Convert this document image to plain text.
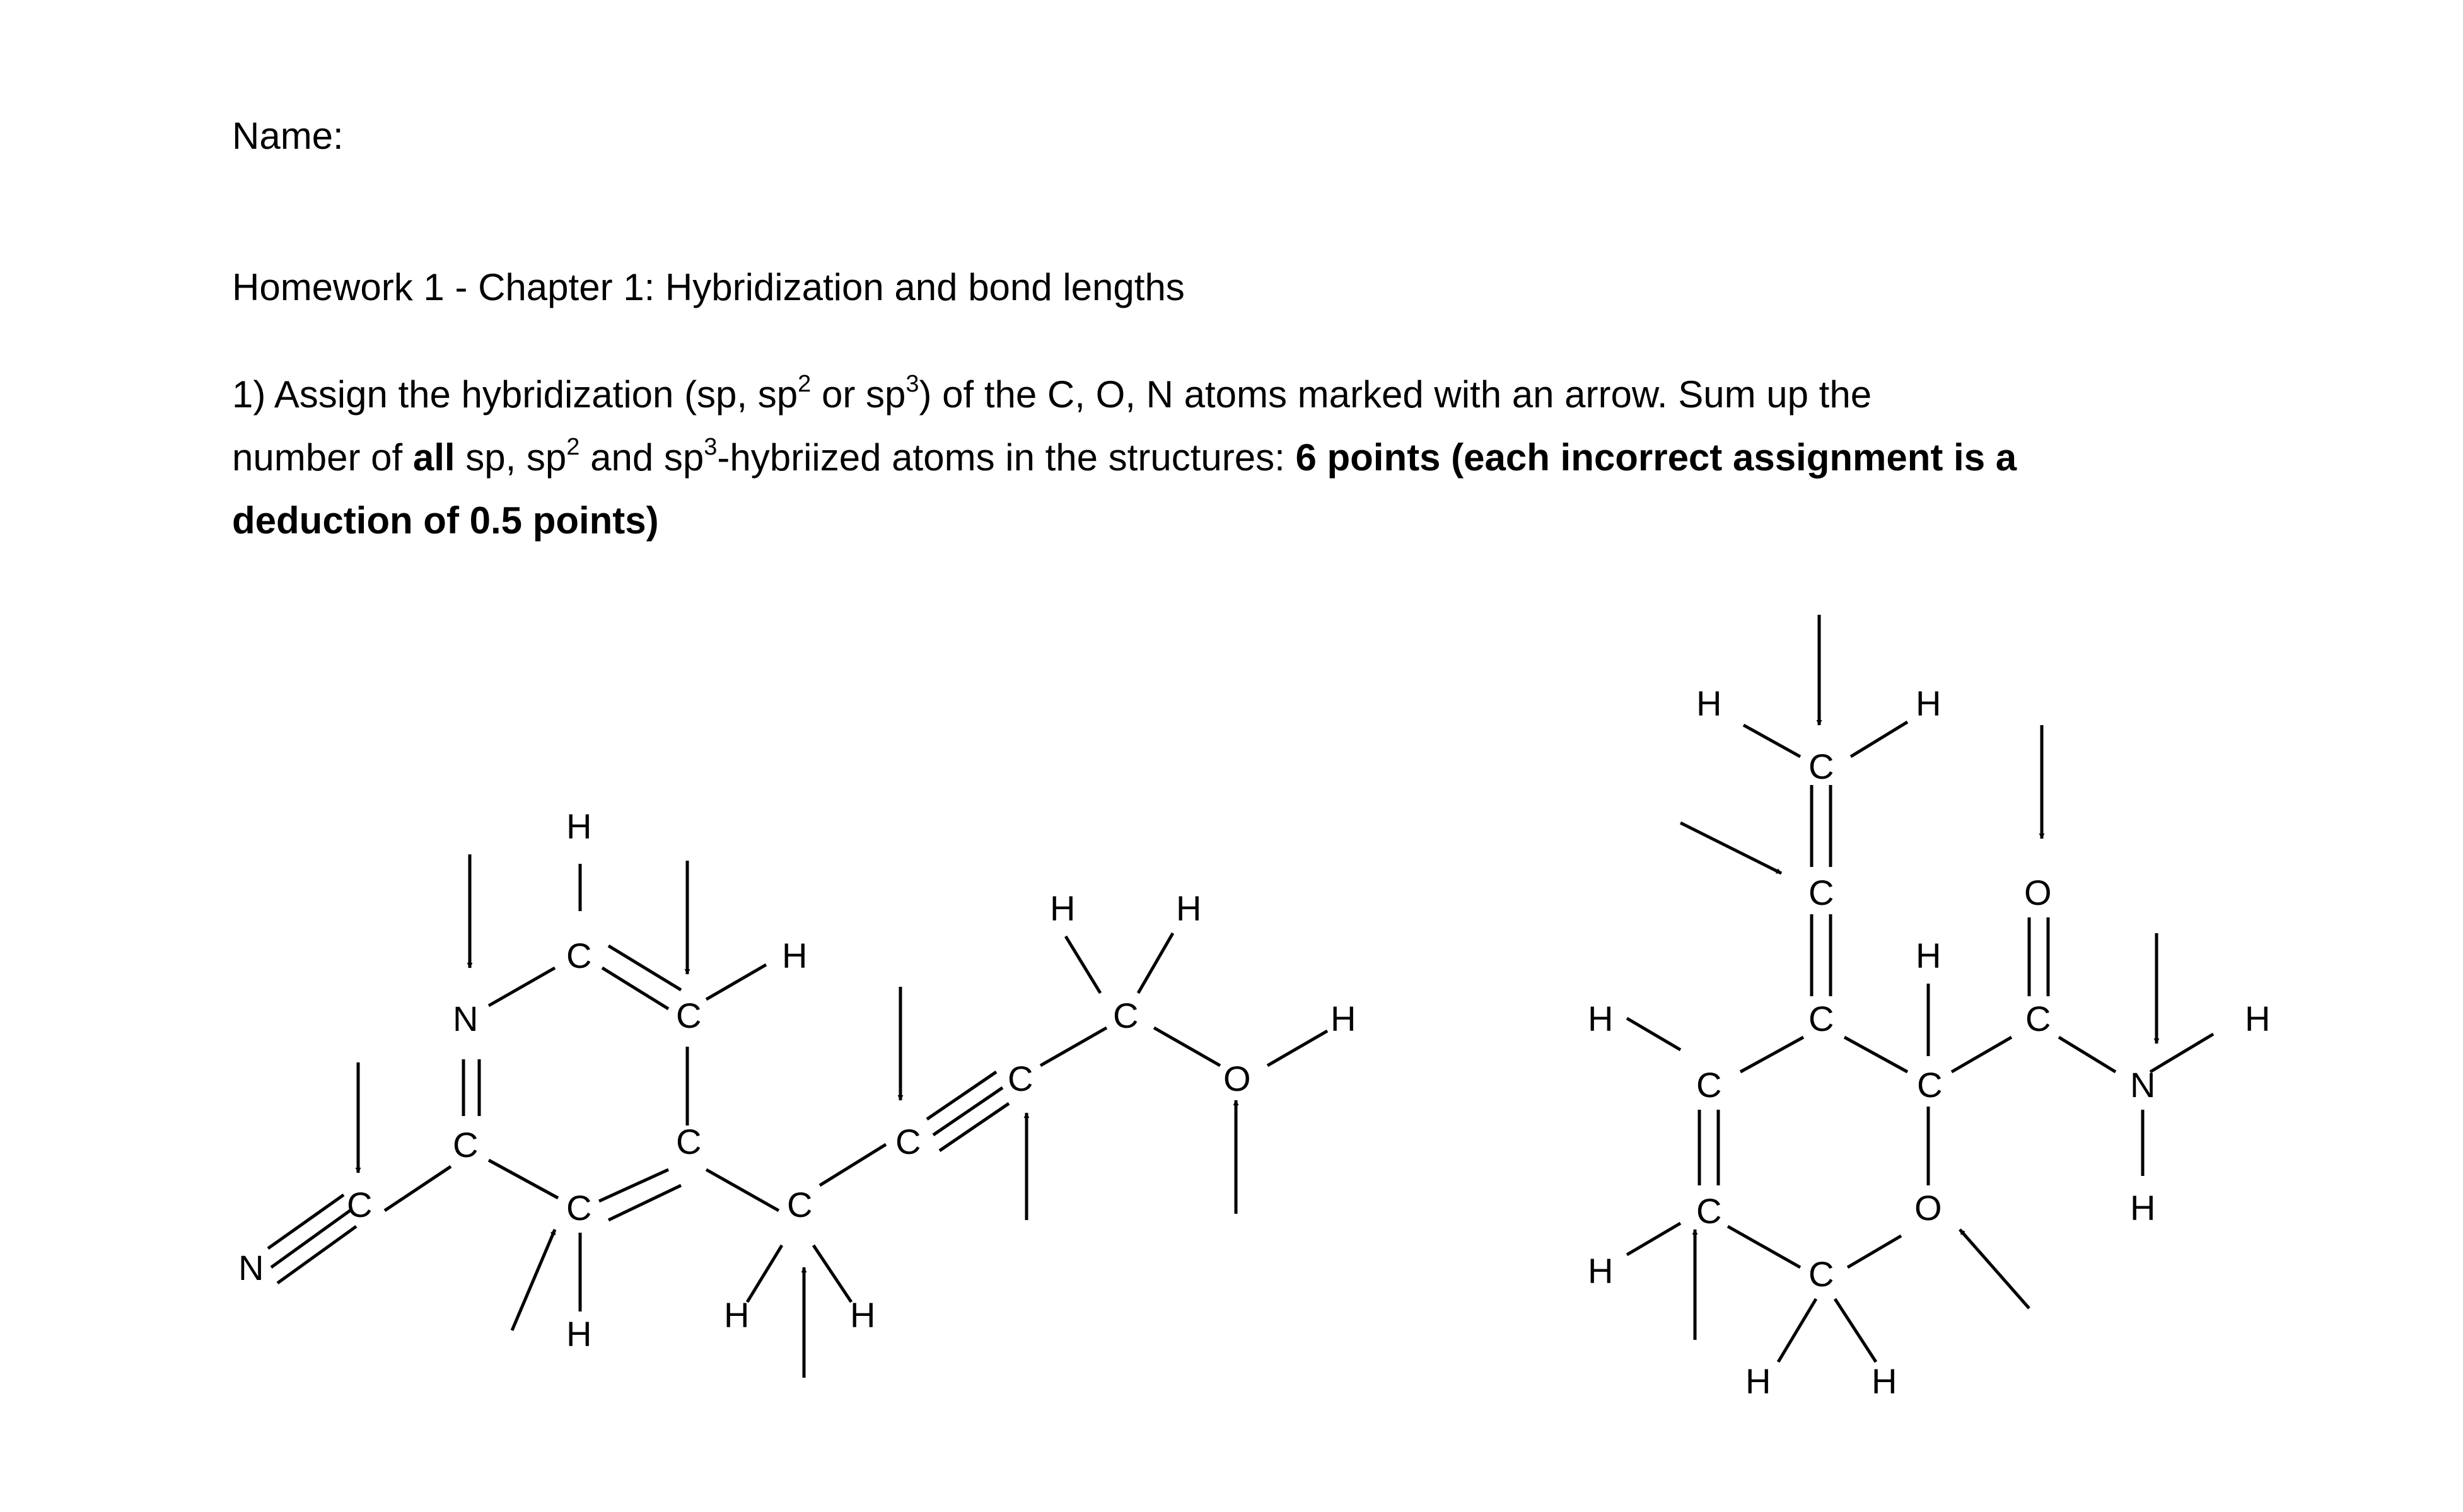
Name:
Homework 1 - Chapter 1: Hybridization and bond lengths
1) Assign the hybridization (sp, $sp^2$ or $sp^3$) of the C, O, N atoms marked with an arrow. Sum up the
number of all sp, $sp^2$ and $sp^3$-hybriized atoms in the structures: 6 points (each incorrect assignment is a
deduction of 0.5 points)
N
C
C
N
C
H
C
H
C
C
H
C
H	H
C
C
C
H	H
O
H
H
C
H
C
C
H
C
C
H	C
H	H
O
C
H
C
O
N
H
H
